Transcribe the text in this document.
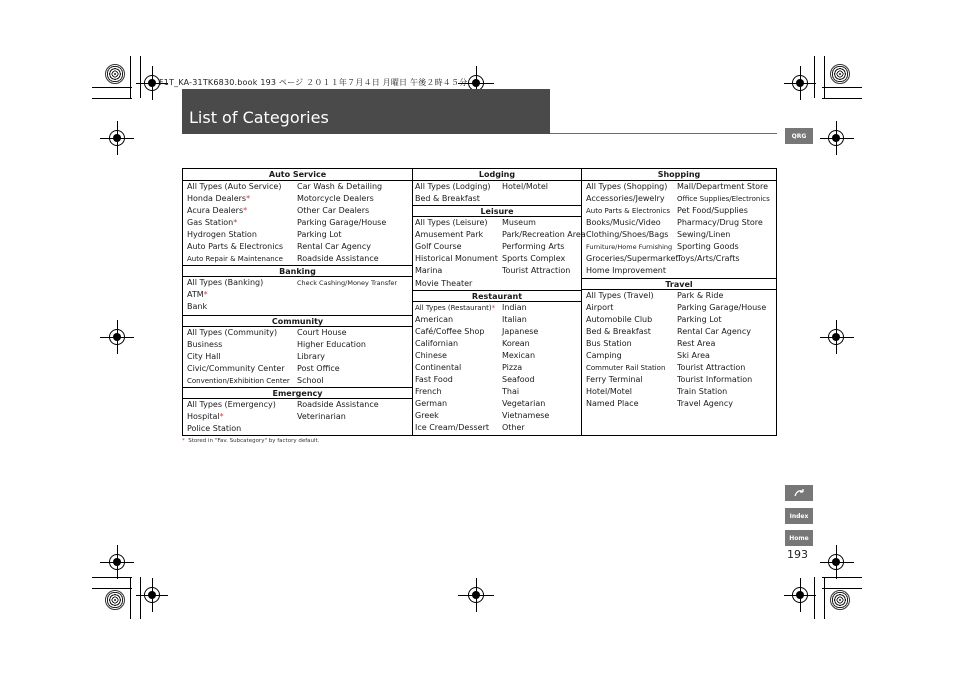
F1T_KA-31TK6830.book 193 ページ ２０１１年７月４日 月曜日 午後２時４５分
List of Categories
QRG
Index
Home
193
Auto Service
Banking
Community
Emergency
Lodging
Leisure
Restaurant
Shopping
Travel
All Types (Auto Service)
Honda Dealers*
Acura Dealers*
Gas Station*
Hydrogen Station
Auto Parts & Electronics
Auto Repair & Maintenance
Car Wash & Detailing
Motorcycle Dealers
Other Car Dealers
Parking Garage/House
Parking Lot
Rental Car Agency
Roadside Assistance
All Types (Banking)
ATM*
Bank
Check Cashing/Money Transfer
All Types (Community)
Business
City Hall
Civic/Community Center
Convention/Exhibition Center
Court House
Higher Education
Library
Post Office
School
All Types (Emergency)
Hospital*
Police Station
Roadside Assistance
Veterinarian
All Types (Lodging)
Bed & Breakfast
Hotel/Motel
All Types (Leisure)
Amusement Park
Golf Course
Historical Monument
Marina
Movie Theater
Museum
Park/Recreation Area
Performing Arts
Sports Complex
Tourist Attraction
All Types (Restaurant)*
American
Café/Coffee Shop
Californian
Chinese
Continental
Fast Food
French
German
Greek
Ice Cream/Dessert
Indian
Italian
Japanese
Korean
Mexican
Pizza
Seafood
Thai
Vegetarian
Vietnamese
Other
All Types (Shopping)
Accessories/Jewelry
Auto Parts & Electronics
Books/Music/Video
Clothing/Shoes/Bags
Furniture/Home Furnishing
Groceries/Supermarket
Home Improvement
Mall/Department Store
Office Supplies/Electronics
Pet Food/Supplies
Pharmacy/Drug Store
Sewing/Linen
Sporting Goods
Toys/Arts/Crafts
All Types (Travel)
Airport
Automobile Club
Bed & Breakfast
Bus Station
Camping
Commuter Rail Station
Ferry Terminal
Hotel/Motel
Named Place
Park & Ride
Parking Garage/House
Parking Lot
Rental Car Agency
Rest Area
Ski Area
Tourist Attraction
Tourist Information
Train Station
Travel Agency
* Stored in "Fav. Subcategory" by factory default.
